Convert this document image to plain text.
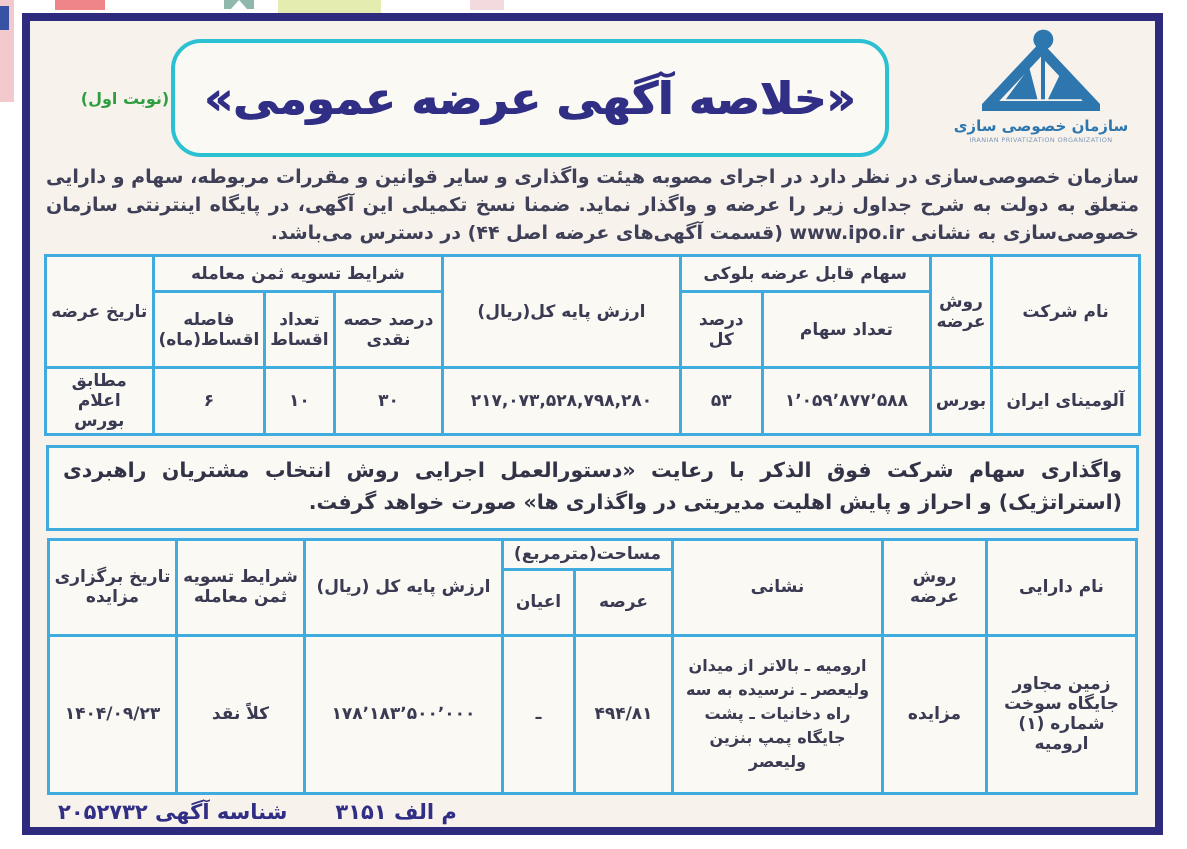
سازمان خصوصی سازی
IRANIAN PRIVATIZATION ORGANIZATION
«خلاصه آگهی عرضه عمومی»
(نوبت اول)

سازمان خصوصی‌سازی در نظر دارد در اجرای مصوبه هیئت واگذاری و سایر قوانین و مقررات مربوطه، سهام و دارایی متعلق به دولت به شرح جداول زیر را عرضه و واگذار نماید. ضمنا نسخ تکمیلی این آگهی، در پایگاه اینترنتی سازمان خصوصی‌سازی به نشانی www.ipo.ir (قسمت آگهی‌های عرضه اصل ۴۴) در دسترس می‌باشد.

نام شرکت	روش عرضه	سهام قابل عرضه بلوکی		ارزش پایه کل(ریال)	شرایط تسویه ثمن معامله			تاریخ عرضه
		تعداد سهام	درصد کل		درصد حصه نقدی	تعداد اقساط	فاصله اقساط(ماه)	
آلومینای ایران	بورس	۱٬۰۵۹٬۸۷۷٬۵۸۸	۵۳	۲۱۷,۰۷۳,۵۲۸,۷۹۸,۲۸۰	۳۰	۱۰	۶	مطابق اعلام بورس
واگذاری سهام شرکت فوق الذکر با رعایت «دستورالعمل اجرایی روش انتخاب مشتریان راهبردی (استراتژیک) و احراز و پایش اهلیت مدیریتی در واگذاری ها» صورت خواهد گرفت.
نام دارایی	روش عرضه	نشانی	مساحت(مترمربع)		ارزش پایه کل (ریال)	شرایط تسویه ثمن معامله	تاریخ برگزاری مزایده
			عرصه	اعیان			
زمین مجاور جایگاه سوخت شماره (۱) ارومیه	مزایده	ارومیه ـ بالاتر از میدان ولیعصر ـ نرسیده به سه راه دخانیات ـ پشت جایگاه پمپ بنزین ولیعصر	۴۹۴/۸۱	ـ	۱۷۸٬۱۸۳٬۵۰۰٬۰۰۰	کلاً نقد	۱۴۰۴/۰۹/۲۳
م الف ۳۱۵۱
شناسه آگهی ۲۰۵۲۷۳۲
